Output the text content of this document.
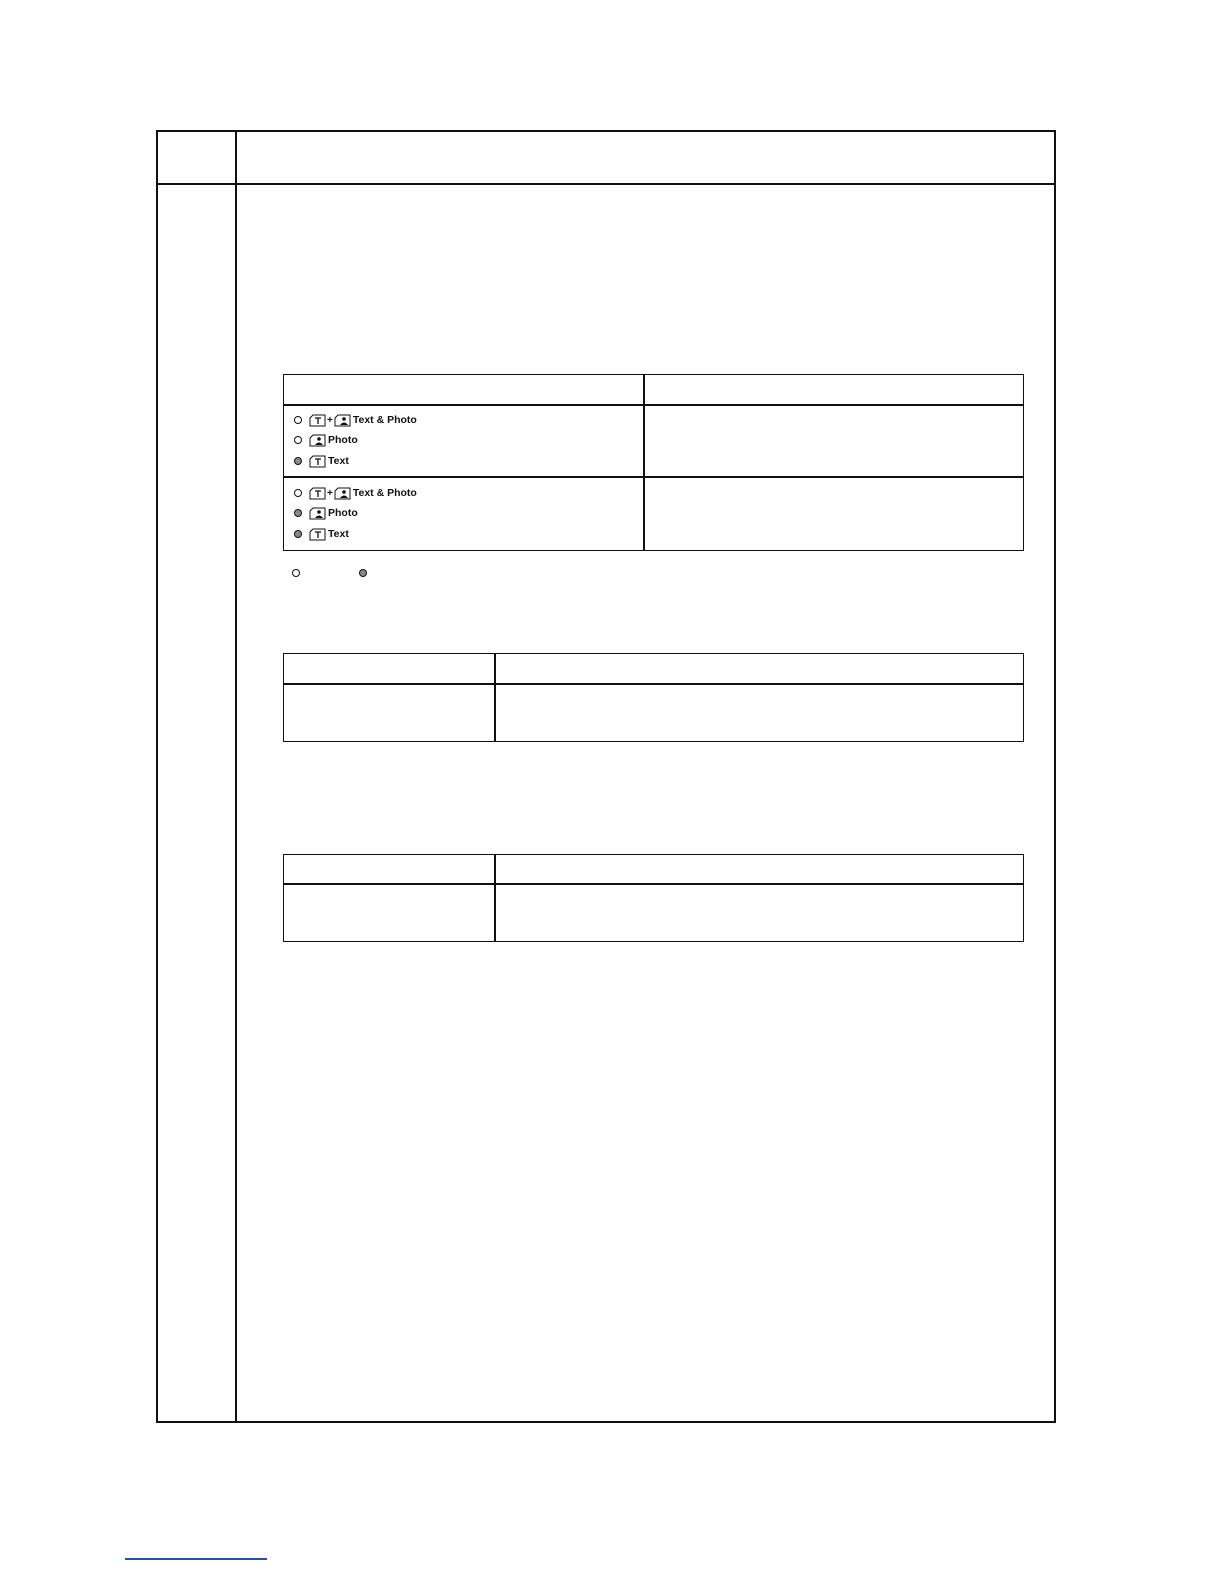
+ Text & Photo
Photo
Text
+ Text & Photo
Photo
Text
